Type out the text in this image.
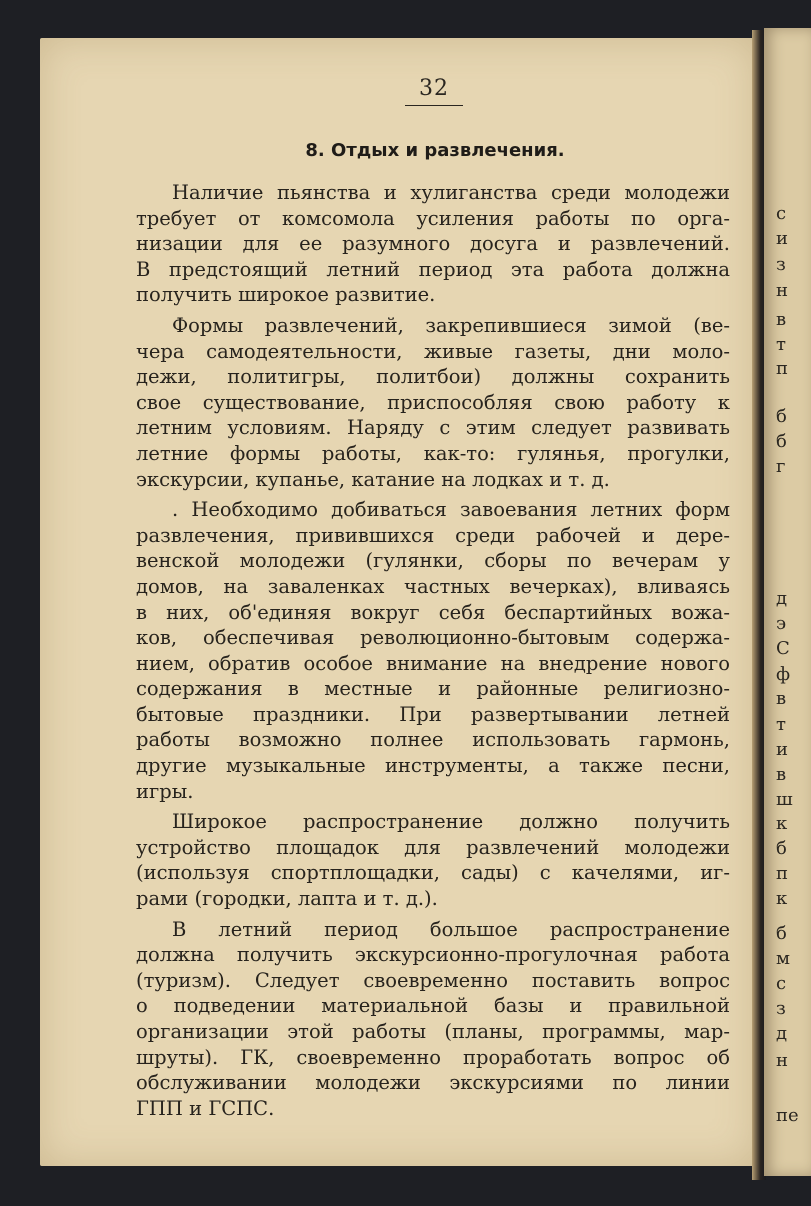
с
и
з
н
в
т
п
б
б
г
д
э
С
ф
в
т
и
в
ш
к
б
п
к
б
м
с
з
д
н
пе
32
8. Отдых и развлечения.
Наличие пьянства и хулиганства среди молодежи
требует от комсомола усиления работы по орга-
низации для ее разумного досуга и развлечений.
В предстоящий летний период эта работа должна
получить широкое развитие.
Формы развлечений, закрепившиеся зимой (ве-
чера самодеятельности, живые газеты, дни моло-
дежи, политигры, политбои) должны сохранить
свое существование, приспособляя свою работу к
летним условиям. Наряду с этим следует развивать
летние формы работы, как-то: гулянья, прогулки,
экскурсии, купанье, катание на лодках и т. д.
. Необходимо добиваться завоевания летних форм
развлечения, привившихся среди рабочей и дере-
венской молодежи (гулянки, сборы по вечерам у
домов, на заваленках частных вечерках), вливаясь
в них, об'единяя вокруг себя беспартийных вожа-
ков, обеспечивая революционно-бытовым содержа-
нием, обратив особое внимание на внедрение нового
содержания в местные и районные религиозно-
бытовые праздники. При развертывании летней
работы возможно полнее использовать гармонь,
другие музыкальные инструменты, а также песни,
игры.
Широкое распространение должно получить
устройство площадок для развлечений молодежи
(используя спортплощадки, сады) с качелями, иг-
рами (городки, лапта и т. д.).
В летний период большое распространение
должна получить экскурсионно-прогулочная работа
(туризм). Следует своевременно поставить вопрос
о подведении материальной базы и правильной
организации этой работы (планы, программы, мар-
шруты). ГК, своевременно проработать вопрос об
обслуживании молодежи экскурсиями по линии
ГПП и ГСПС.
